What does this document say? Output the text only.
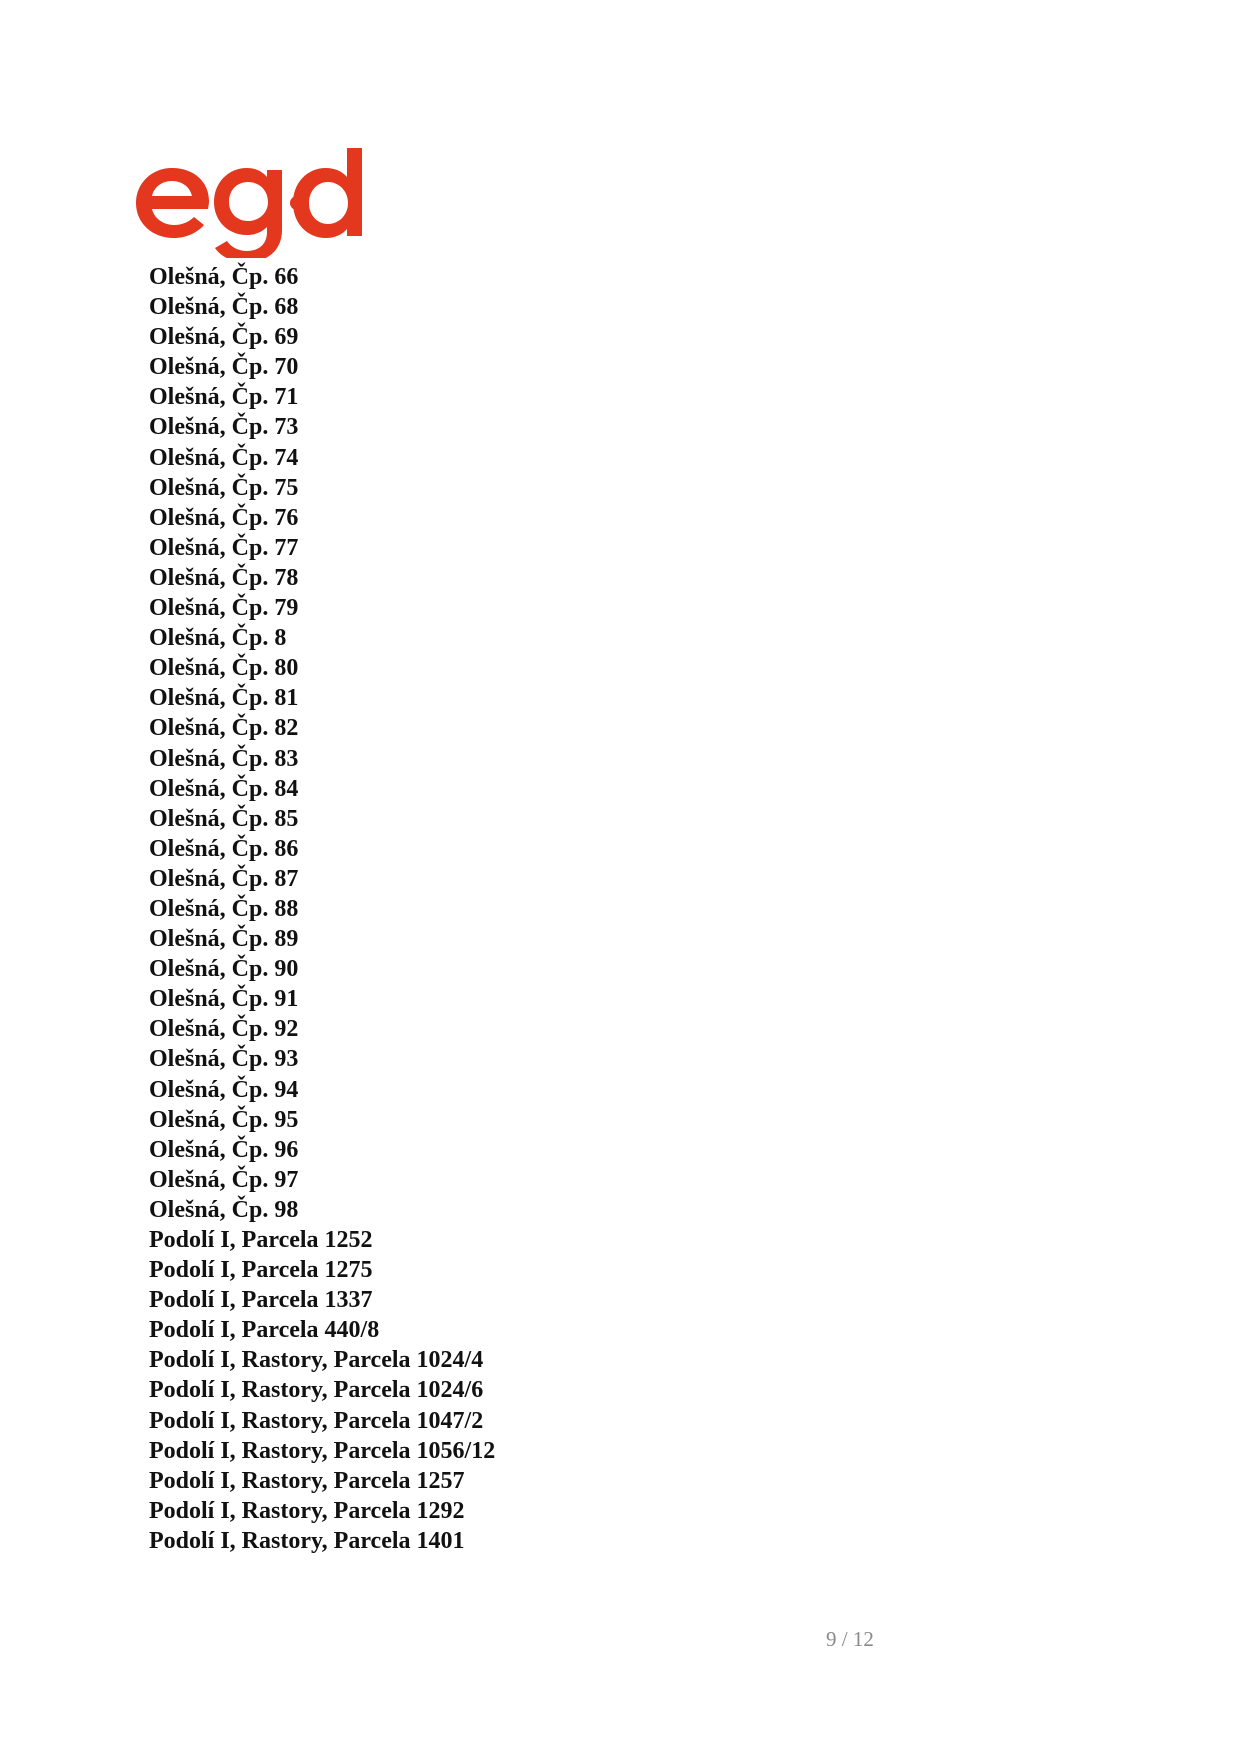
Olešná, Čp. 66
Olešná, Čp. 68
Olešná, Čp. 69
Olešná, Čp. 70
Olešná, Čp. 71
Olešná, Čp. 73
Olešná, Čp. 74
Olešná, Čp. 75
Olešná, Čp. 76
Olešná, Čp. 77
Olešná, Čp. 78
Olešná, Čp. 79
Olešná, Čp. 8
Olešná, Čp. 80
Olešná, Čp. 81
Olešná, Čp. 82
Olešná, Čp. 83
Olešná, Čp. 84
Olešná, Čp. 85
Olešná, Čp. 86
Olešná, Čp. 87
Olešná, Čp. 88
Olešná, Čp. 89
Olešná, Čp. 90
Olešná, Čp. 91
Olešná, Čp. 92
Olešná, Čp. 93
Olešná, Čp. 94
Olešná, Čp. 95
Olešná, Čp. 96
Olešná, Čp. 97
Olešná, Čp. 98
Podolí I, Parcela 1252
Podolí I, Parcela 1275
Podolí I, Parcela 1337
Podolí I, Parcela 440/8
Podolí I, Rastory, Parcela 1024/4
Podolí I, Rastory, Parcela 1024/6
Podolí I, Rastory, Parcela 1047/2
Podolí I, Rastory, Parcela 1056/12
Podolí I, Rastory, Parcela 1257
Podolí I, Rastory, Parcela 1292
Podolí I, Rastory, Parcela 1401
9 / 12
